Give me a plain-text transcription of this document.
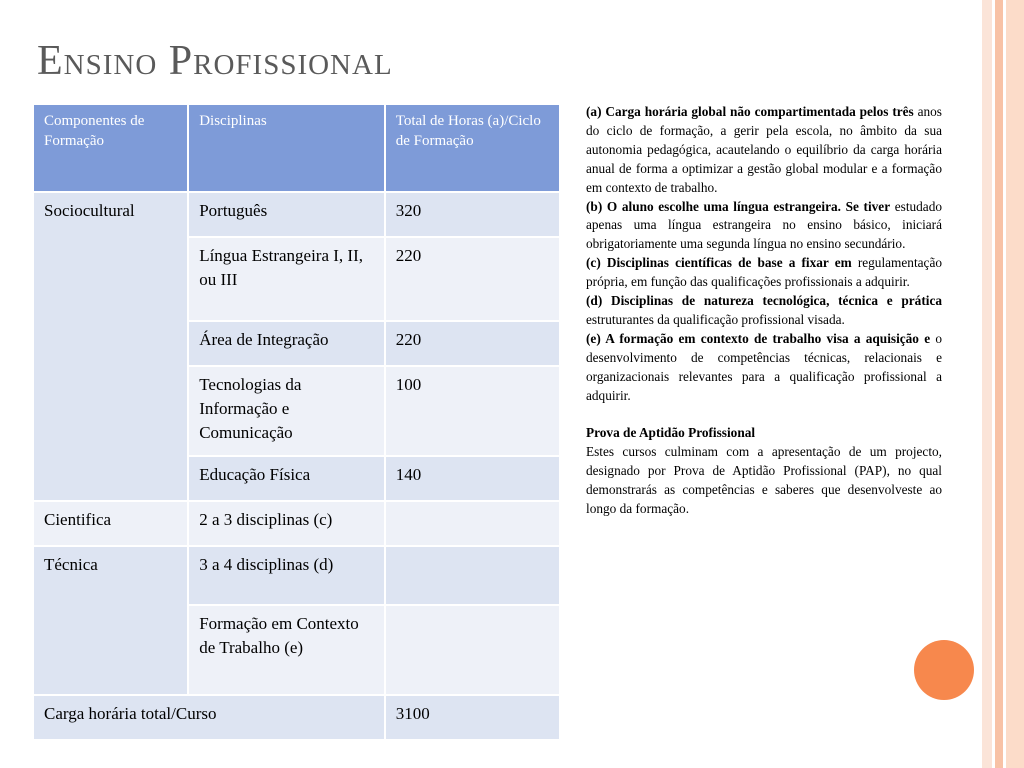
Ensino Profissional
Componentes de Formação	Disciplinas	Total de Horas (a)/Ciclo de Formação
Sociocultural	Português	320
	Língua Estrangeira I, II, ou III	220
	Área de Integração	220
	Tecnologias da Informação e Comunicação	100
	Educação Física	140
Cientifica	2 a 3 disciplinas (c)	
Técnica	3 a 4 disciplinas (d)	
	Formação em Contexto de Trabalho (e)	
Carga horária total/Curso		3100

(a) Carga horária global não compartimentada pelos três anos do ciclo de formação, a gerir pela escola, no âmbito da sua autonomia pedagógica, acautelando o equilíbrio da carga horária anual de forma a optimizar a gestão global modular e a formação em contexto de trabalho.

(b) O aluno escolhe uma língua estrangeira. Se tiver estudado apenas uma língua estrangeira no ensino básico, iniciará obrigatoriamente uma segunda língua no ensino secundário.

(c) Disciplinas científicas de base a fixar em regulamentação própria, em função das qualificações profissionais a adquirir.

(d) Disciplinas de natureza tecnológica, técnica e prática estruturantes da qualificação profissional visada.

(e) A formação em contexto de trabalho visa a aquisição e o desenvolvimento de competências técnicas, relacionais e organizacionais relevantes para a qualificação profissional a adquirir.

Prova de Aptidão Profissional

Estes cursos culminam com a apresentação de um projecto, designado por Prova de Aptidão Profissional (PAP), no qual demonstrarás as competências e saberes que desenvolveste ao longo da formação.
